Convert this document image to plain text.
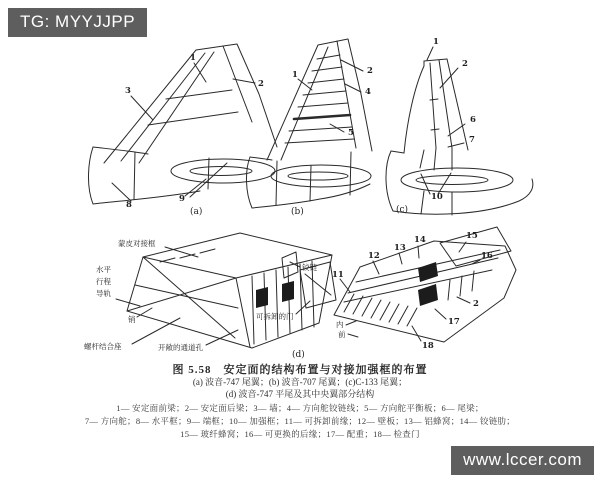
1
2
3
8
9
(a)
1	2
4
5
(b)
1
2
6
7
10
(c)
蒙皮对接框
水平
行程
导轨
销
螺杆结合座	开敞的通道孔
铰链
可拆卸的门
11
12
13
14	15
16
2
17
18
内
前
(d)
图 5.58　安定面的结构布置与对接加强框的布置
(a) 波音-747 尾翼；(b) 波音-707 尾翼；(c)C-133 尾翼；
(d) 波音-747 平尾及其中央翼部分结构
1— 安定面前梁；2— 安定面后梁；3— 墙；4— 方向舵铰链线；5— 方向舵平衡板；6— 尾梁；
7— 方向舵；8— 水平框；9— 端框；10— 加强框；11— 可拆卸前缘；12— 壁板；13— 铝蜂窝；14— 铰链肋；
15— 玻纤蜂窝；16— 可更换的后缘；17— 配重；18— 检查门
TG: MYYJJPP
www.lccer.com
